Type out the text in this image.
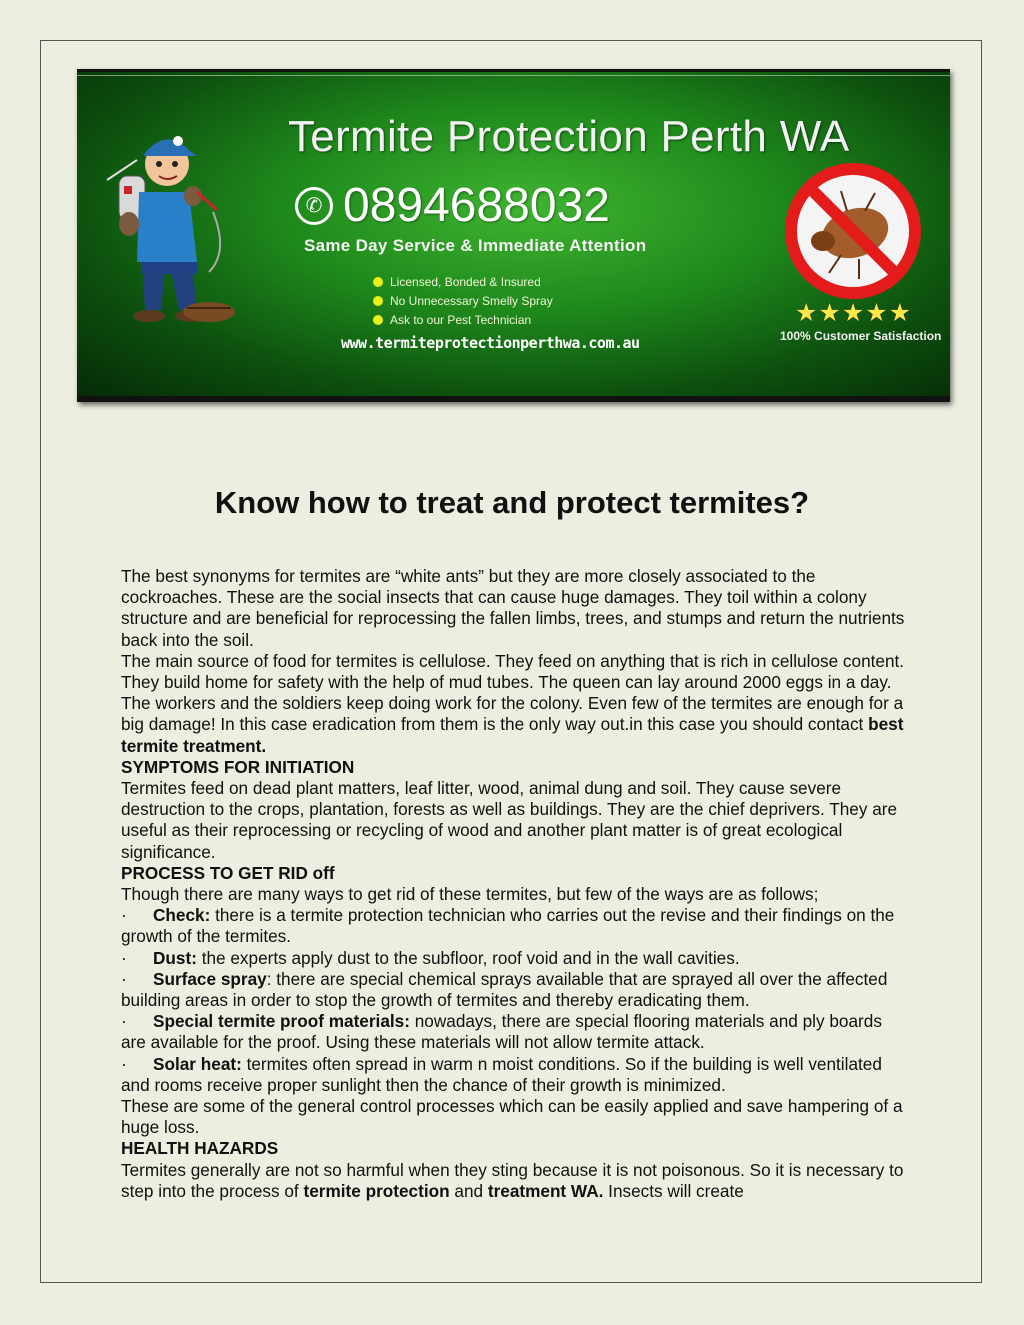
Termite Protection Perth WA
✆ 0894688032
Same Day Service & Immediate Attention
Licensed, Bonded & Insured
No Unnecessary Smelly Spray
Ask to our Pest Technician
www.termiteprotectionperthwa.com.au
★★★★★
100% Customer Satisfaction
Know how to treat and protect termites?

The best synonyms for termites are “white ants” but they are more closely associated to the cockroaches. These are the social insects that can cause huge damages. They toil within a colony structure and are beneficial for reprocessing the fallen limbs, trees, and stumps and return the nutrients back into the soil.

The main source of food for termites is cellulose. They feed on anything that is rich in cellulose content. They build home for safety with the help of mud tubes. The queen can lay around 2000 eggs in a day. The workers and the soldiers keep doing work for the colony. Even few of the termites are enough for a big damage! In this case eradication from them is the only way out.in this case you should contact best termite treatment.

SYMPTOMS FOR INITIATION

Termites feed on dead plant matters, leaf litter, wood, animal dung and soil. They cause severe destruction to the crops, plantation, forests as well as buildings. They are the chief deprivers. They are useful as their reprocessing or recycling of wood and another plant matter is of great ecological significance.

PROCESS TO GET RID off

Though there are many ways to get rid of these termites, but few of the ways are as follows;

· Check: there is a termite protection technician who carries out the revise and their findings on the growth of the termites.

· Dust: the experts apply dust to the subfloor, roof void and in the wall cavities.

· Surface spray: there are special chemical sprays available that are sprayed all over the affected building areas in order to stop the growth of termites and thereby eradicating them.

· Special termite proof materials: nowadays, there are special flooring materials and ply boards are available for the proof. Using these materials will not allow termite attack.

· Solar heat: termites often spread in warm n moist conditions. So if the building is well ventilated and rooms receive proper sunlight then the chance of their growth is minimized.

These are some of the general control processes which can be easily applied and save hampering of a huge loss.

HEALTH HAZARDS

Termites generally are not so harmful when they sting because it is not poisonous. So it is necessary to step into the process of termite protection and treatment WA. Insects will create
